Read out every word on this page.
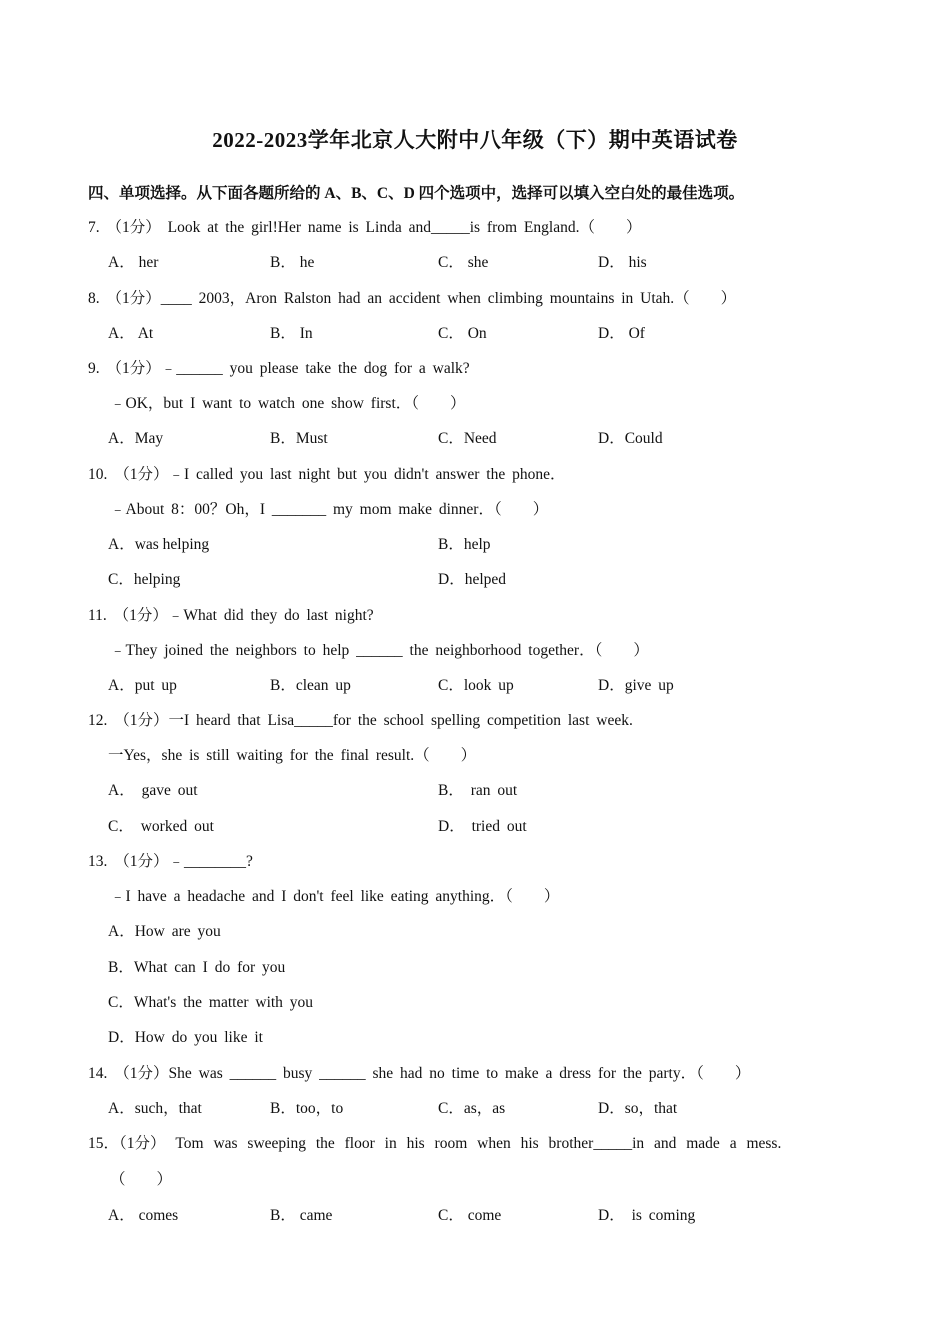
2022-2023学年北京人大附中八年级（下）期中英语试卷
四、单项选择。从下面各题所给的 A、B、C、D 四个选项中，选择可以填入空白处的最佳选项。
7. （1分） Look at the girl!Her name is Linda and_____is from England.（　　）
A． her	B． he	C． she	D． his
8. （1分）____ 2003，Aron Ralston had an accident when climbing mountains in Utah.（　　）
A． At	B． In	C． On	D． Of
9. （1分）﹣______ you please take the dog for a walk?
﹣OK，but I want to watch one show first．（　　）
A．May	B．Must	C．Need	D．Could
10. （1分）﹣I called you last night but you didn't answer the phone．
﹣About 8：00？Oh，I _______ my mom make dinner．（　　）
A．was helping	B．help
C．helping	D．helped
11. （1分）﹣What did they do last night?
﹣They joined the neighbors to help ______ the neighborhood together．（　　）
A．put up	B．clean up	C．look up	D．give up
12. （1分）一I heard that Lisa_____for the school spelling competition last week.
一Yes，she is still waiting for the final result.（　　）
A． gave out	B． ran out
C． worked out	D． tried out
13. （1分）﹣________?
﹣I have a headache and I don't feel like eating anything．（　　）
A．How are you
B．What can I do for you
C．What's the matter with you
D．How do you like it
14. （1分）She was ______ busy ______ she had no time to make a dress for the party．（　　）
A．such，that	B．too，to	C．as，as	D．so，that
15．（1分） Tom was sweeping the floor in his room when his brother_____in and made a mess.
（　　）
A． comes	B． came	C． come	D． is coming
